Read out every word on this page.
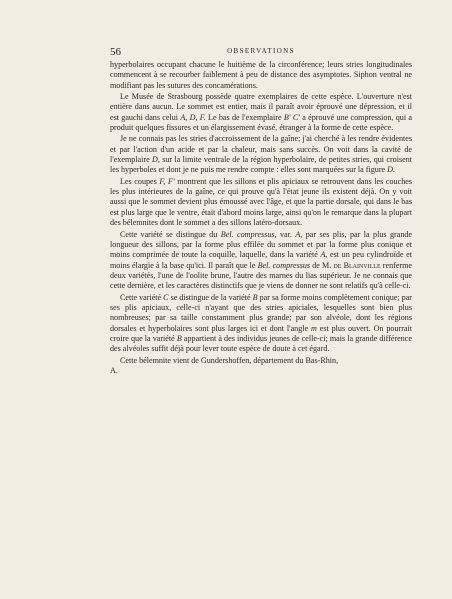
56	OBSERVATIONS

hyperbolaires occupant chacune le huitième de la circonférence; leurs stries longitudinales commencent à se recourber faiblement à peu de distance des asymptotes. Siphon ventral ne modifiant pas les sutures des concamérations.

Le Musée de Strasbourg possède quatre exemplaires de cette espèce. L'ouverture n'est entière dans aucun. Le sommet est entier, mais il paraît avoir éprouvé une dépression, et il est gauchi dans celui A, D, F. Le bas de l'exemplaire B' C' a éprouvé une compression, qui a produit quelques fissures et un élargissement évasé, étranger à la forme de cette espèce.

Je ne connais pas les stries d'accroissement de la gaîne; j'ai cherché à les rendre évidentes et par l'action d'un acide et par la chaleur, mais sans succès. On voit dans la cavité de l'exemplaire D, sur la limite ventrale de la région hyperbolaire, de petites stries, qui croisent les hyperboles et dont je ne puis me rendre compte : elles sont marquées sur la figure D.

Les coupes F, F' montrent que les sillons et plis apiciaux se retrouvent dans les couches les plus intérieures de la gaîne, ce qui prouve qu'à l'état jeune ils existent déjà. On y voit aussi que le sommet devient plus émoussé avec l'âge, et que la partie dorsale, qui dans le bas est plus large que le ventre, était d'abord moins large, ainsi qu'on le remarque dans la plupart des bélemnites dont le sommet a des sillons latéro-dorsaux.

Cette variété se distingue du Bel. compressus, var. A, par ses plis, par la plus grande longueur des sillons, par la forme plus effilée du sommet et par la forme plus conique et moins comprimée de toute la coquille, laquelle, dans la variété A, est un peu cylindroïde et moins élargie à la base qu'ici. Il paraît que le Bel. compressus de M. de Blainville renferme deux variétés, l'une de l'oolite brune, l'autre des marnes du lias supérieur. Je ne connais que cette dernière, et les caractères distinctifs que je viens de donner ne sont relatifs qu'à celle-ci.

Cette variété C se distingue de la variété B par sa forme moins complètement conique; par ses plis apiciaux, celle-ci n'ayant que des stries apiciales, lesquelles sont bien plus nombreuses; par sa taille constamment plus grande; par son alvéole, dont les régions dorsales et hyperbolaires sont plus larges ici et dont l'angle m est plus ouvert. On pourrait croire que la variété B appartient à des individus jeunes de celle-ci; mais la grande différence des alvéoles suffit déjà pour lever toute espèce de doute à cet égard.

Cette bélemnite vient de Gundershoffen, département du Bas-Rhin,

A.
